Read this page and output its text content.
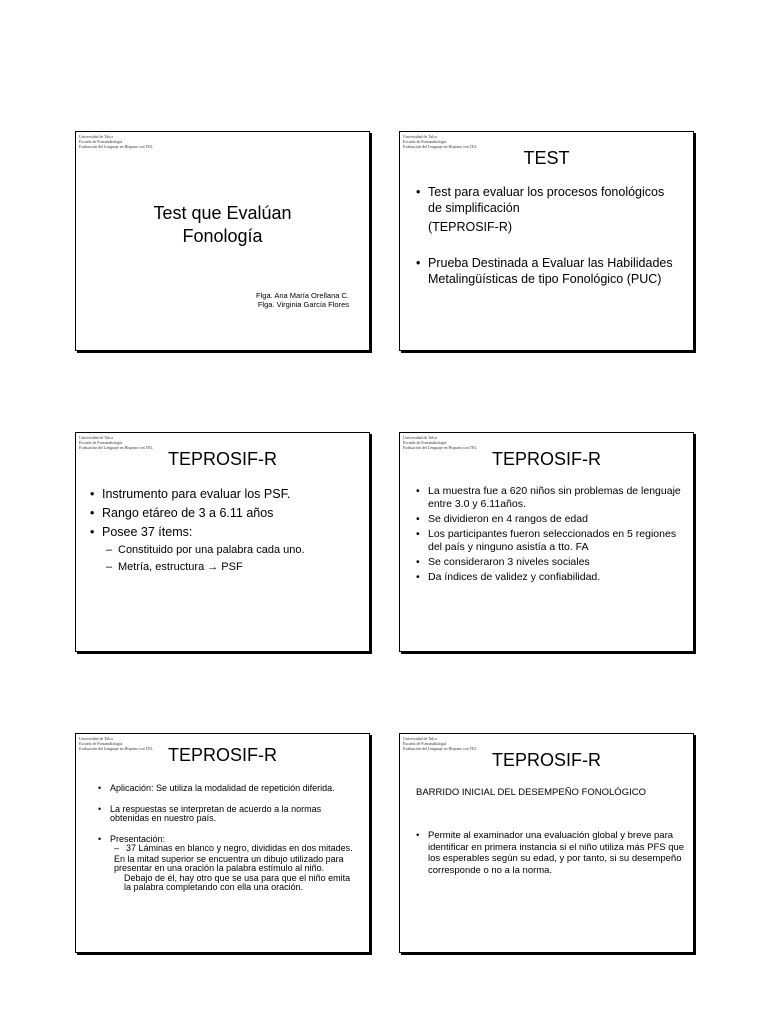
Universidad de Talca
Escuela de Fonoaudiología
Evaluación del Lenguaje en Hispano con TEL
Test que Evalúan
Fonología
Flga. Ana María Orellana C.
Flga. Virginia García Flores
Universidad de Talca
Escuela de Fonoaudiología
Evaluación del Lenguaje en Hispano con TEL
TEST
• Test para evaluar los procesos fonológicos de simplificación
(TEPROSIF-R)
• Prueba Destinada a Evaluar las Habilidades Metalingüísticas de tipo Fonológico (PUC)
Universidad de Talca
Escuela de Fonoaudiología
Evaluación del Lenguaje en Hispano con TEL
TEPROSIF-R
• Instrumento para evaluar los PSF.
• Rango etáreo de 3 a 6.11 años
• Posee 37 ítems:
– Constituido por una palabra cada uno.
– Metría, estructura → PSF
Universidad de Talca
Escuela de Fonoaudiología
Evaluación del Lenguaje en Hispano con TEL
TEPROSIF-R
• La muestra fue a 620 niños sin problemas de lenguaje entre 3.0 y 6.11años.
• Se dividieron en 4 rangos de edad
• Los participantes fueron seleccionados en 5 regiones del país y ninguno asistía a tto. FA
• Se consideraron 3 niveles sociales
• Da índices de validez y confiabilidad.
Universidad de Talca
Escuela de Fonoaudiología
Evaluación del Lenguaje en Hispano con TEL TEPROSIF-R
• Aplicación: Se utiliza la modalidad de repetición diferida.
• La respuestas se interpretan de acuerdo a la normas obtenidas en nuestro país.
• Presentación:
– 37 Láminas en blanco y negro, divididas en dos mitades.
En la mitad superior se encuentra un dibujo utilizado para presentar en una oración la palabra estímulo al niño.
Debajo de él, hay otro que se usa para que el niño emita la palabra completando con ella una oración.
Universidad de Talca
Escuela de Fonoaudiología
Evaluación del Lenguaje en Hispano con TEL
TEPROSIF-R
BARRIDO INICIAL DEL DESEMPEÑO FONOLÓGICO
• Permite al examinador una evaluación global y breve para identificar en primera instancia si el niño utiliza más PFS que los esperables según su edad, y por tanto, si su desempeño corresponde o no a la norma.
